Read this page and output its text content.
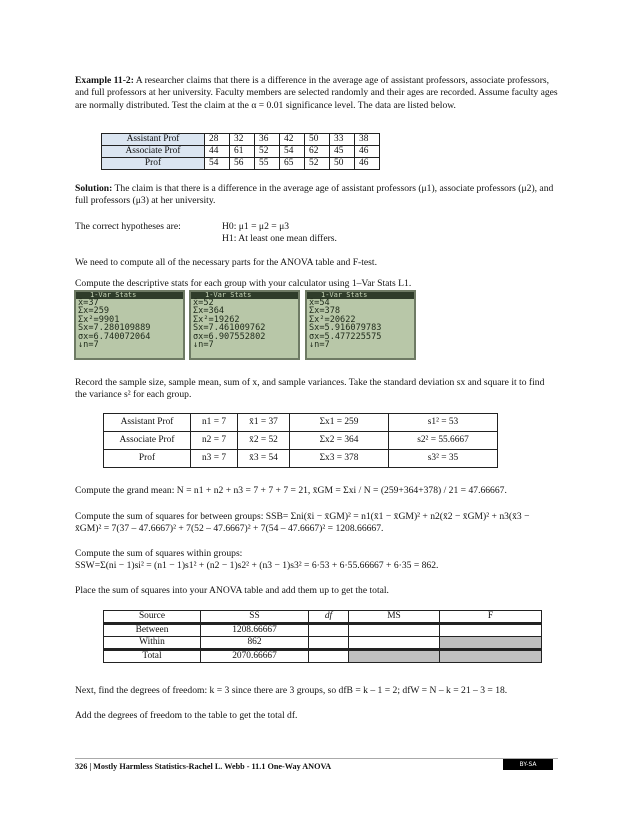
Example 11-2: A researcher claims that there is a difference in the average age of assistant professors, associate professors, and full professors at her university. Faculty members are selected randomly and their ages are recorded. Assume faculty ages are normally distributed. Test the claim at the α = 0.01 significance level. The data are listed below.

Assistant Prof	28	32	36	42	50	33	38
Associate Prof	44	61	52	54	62	45	46
Prof	54	56	55	65	52	50	46

Solution: The claim is that there is a difference in the average age of assistant professors (μ1), associate professors (μ2), and full professors (μ3) at her university.

The correct hypotheses are:	H0: μ1 = μ2 = μ3
H1: At least one mean differs.
We need to compute all of the necessary parts for the ANOVA table and F-test.
Compute the descriptive stats for each group with your calculator using 1–Var Stats L1.
1-Var Stats
x̄=37
Σx=259
Σx²=9901
Sx=7.280109889
σx=6.740072064
↓n=7
1-Var Stats
x̄=52
Σx=364
Σx²=19262
Sx=7.461009762
σx=6.907552802
↓n=7
1-Var Stats
x̄=54
Σx=378
Σx²=20622
Sx=5.916079783
σx=5.477225575
↓n=7
Record the sample size, sample mean, sum of x, and sample variances. Take the standard deviation sx and square it to find the variance s² for each group.
Assistant Prof	n1 = 7	x̄1 = 37	Σx1 = 259	s1² = 53
Associate Prof	n2 = 7	x̄2 = 52	Σx2 = 364	s2² = 55.6667
Prof	n3 = 7	x̄3 = 54	Σx3 = 378	s3² = 35
Compute the grand mean: N = n1 + n2 + n3 = 7 + 7 + 7 = 21, x̄GM = Σxi / N = (259+364+378) / 21 = 47.66667.
Compute the sum of squares for between groups: SSB= Σni(x̄i − x̄GM)² = n1(x̄1 − x̄GM)² + n2(x̄2 − x̄GM)² + n3(x̄3 − x̄GM)² = 7(37 – 47.6667)² + 7(52 – 47.6667)² + 7(54 – 47.6667)² = 1208.66667.
Compute the sum of squares within groups:
SSW=Σ(ni − 1)si² = (n1 − 1)s1² + (n2 − 1)s2² + (n3 − 1)s3² = 6·53 + 6·55.66667 + 6·35 = 862.
Place the sum of squares into your ANOVA table and add them up to get the total.
Source	SS	df	MS	F
Between	1208.66667			
Within	862			
Total	2070.66667			
Next, find the degrees of freedom: k = 3 since there are 3 groups, so dfB = k – 1 = 2; dfW = N – k = 21 – 3 = 18.
Add the degrees of freedom to the table to get the total df.
326 | Mostly Harmless Statistics-Rachel L. Webb - 11.1 One-Way ANOVA	BY-SA
